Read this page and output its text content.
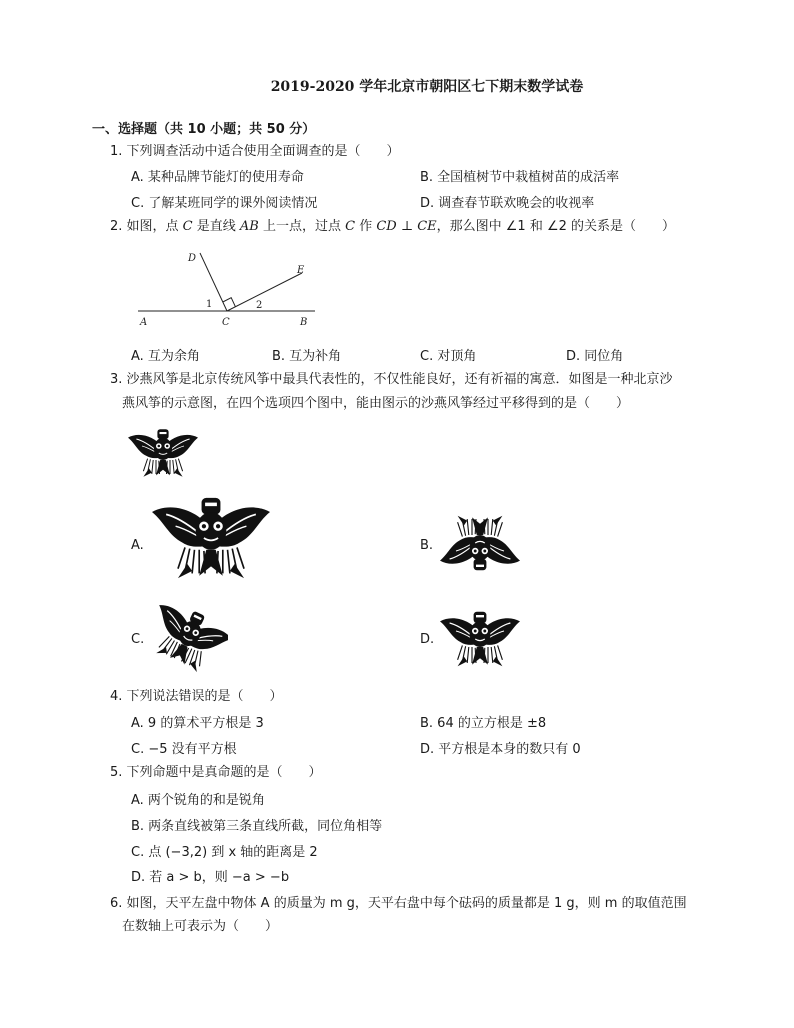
2019-2020 学年北京市朝阳区七下期末数学试卷
一、选择题（共 10 小题；共 50 分）
1. 下列调查活动中适合使用全面调查的是（　　）
A. 某种品牌节能灯的使用寿命	B. 全国植树节中栽植树苗的成活率
C. 了解某班同学的课外阅读情况	D. 调查春节联欢晚会的收视率
2. 如图，点 C 是直线 AB 上一点，过点 C 作 CD ⊥ CE，那么图中 ∠1 和 ∠2 的关系是（　　）
D
E
A	C	B
1	2
A. 互为余角	B. 互为补角	C. 对顶角	D. 同位角
3. 沙燕风筝是北京传统风筝中最具代表性的，不仅性能良好，还有祈福的寓意．如图是一种北京沙
燕风筝的示意图，在四个选项四个图中，能由图示的沙燕风筝经过平移得到的是（　　）
A.	B.
C.	D.
4. 下列说法错误的是（　　）
A. 9 的算术平方根是 3	B. 64 的立方根是 ±8
C. −5 没有平方根	D. 平方根是本身的数只有 0
5. 下列命题中是真命题的是（　　）
A. 两个锐角的和是锐角
B. 两条直线被第三条直线所截，同位角相等
C. 点 (−3,2) 到 x 轴的距离是 2
D. 若 a > b，则 −a > −b
6. 如图，天平左盘中物体 A 的质量为 m g，天平右盘中每个砝码的质量都是 1 g，则 m 的取值范围
在数轴上可表示为（　　）
